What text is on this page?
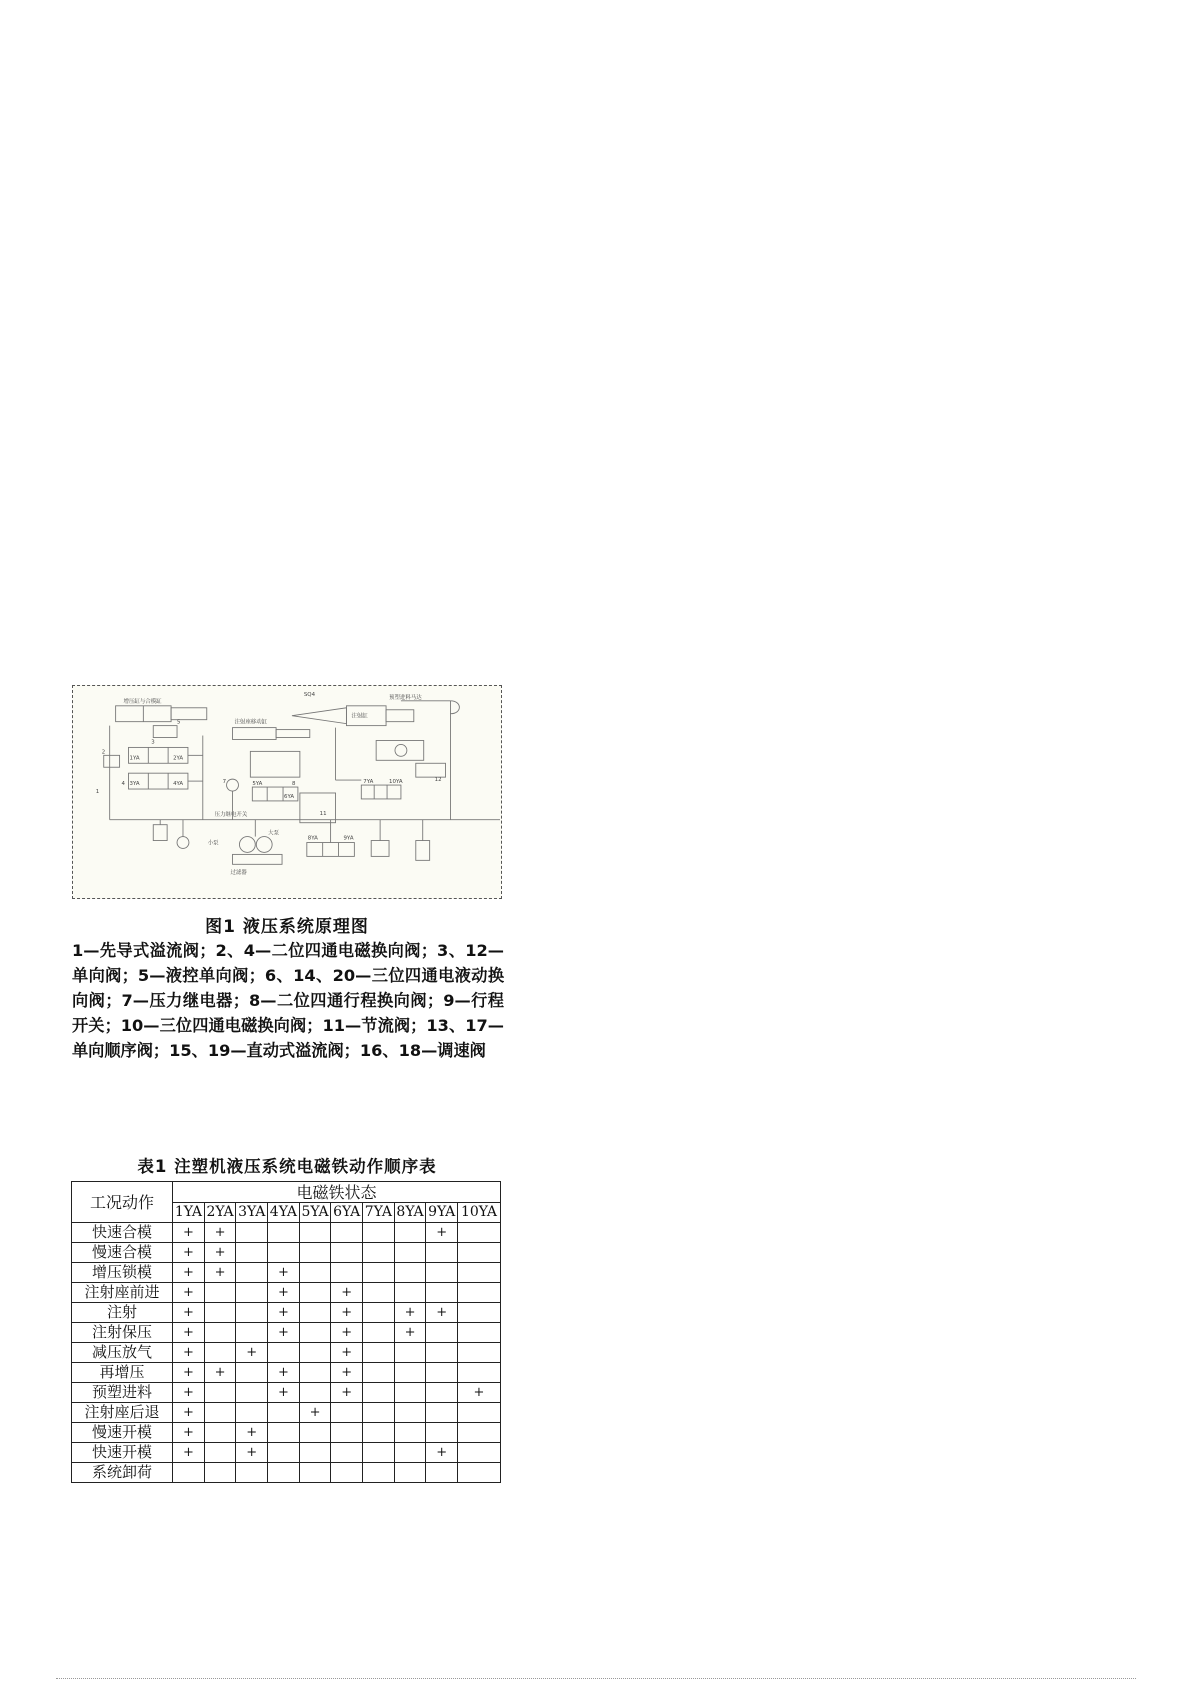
增压缸与合模缸
注射座移动缸
压力继电开关
预塑进料马达
注射缸
过滤器
大泵
小泵
SQ4
1
2
3
4
5
7	8
11
12
1YA	2YA
3YA	4YA	5YA
6YA
7YA
8YA	9YA
10YA
图1 液压系统原理图
1—先导式溢流阀；2、4—二位四通电磁换向阀；3、12—单向阀；5—液控单向阀；6、14、20—三位四通电液动换向阀；7—压力继电器；8—二位四通行程换向阀；9—行程开关；10—三位四通电磁换向阀；11—节流阀；13、17—单向顺序阀；15、19—直动式溢流阀；16、18—调速阀
表1 注塑机液压系统电磁铁动作顺序表
工况动作	电磁铁状态									
	1YA	2YA	3YA	4YA	5YA	6YA	7YA	8YA	9YA	10YA
快速合模	+	+							+	
慢速合模	+	+								
增压锁模	+	+		+						
注射座前进	+			+		+				
注射	+			+		+		+	+	
注射保压	+			+		+		+		
减压放气	+		+			+				
再增压	+	+		+		+				
预塑进料	+			+		+				+
注射座后退	+				+					
慢速开模	+		+							
快速开模	+		+						+	
系统卸荷										
